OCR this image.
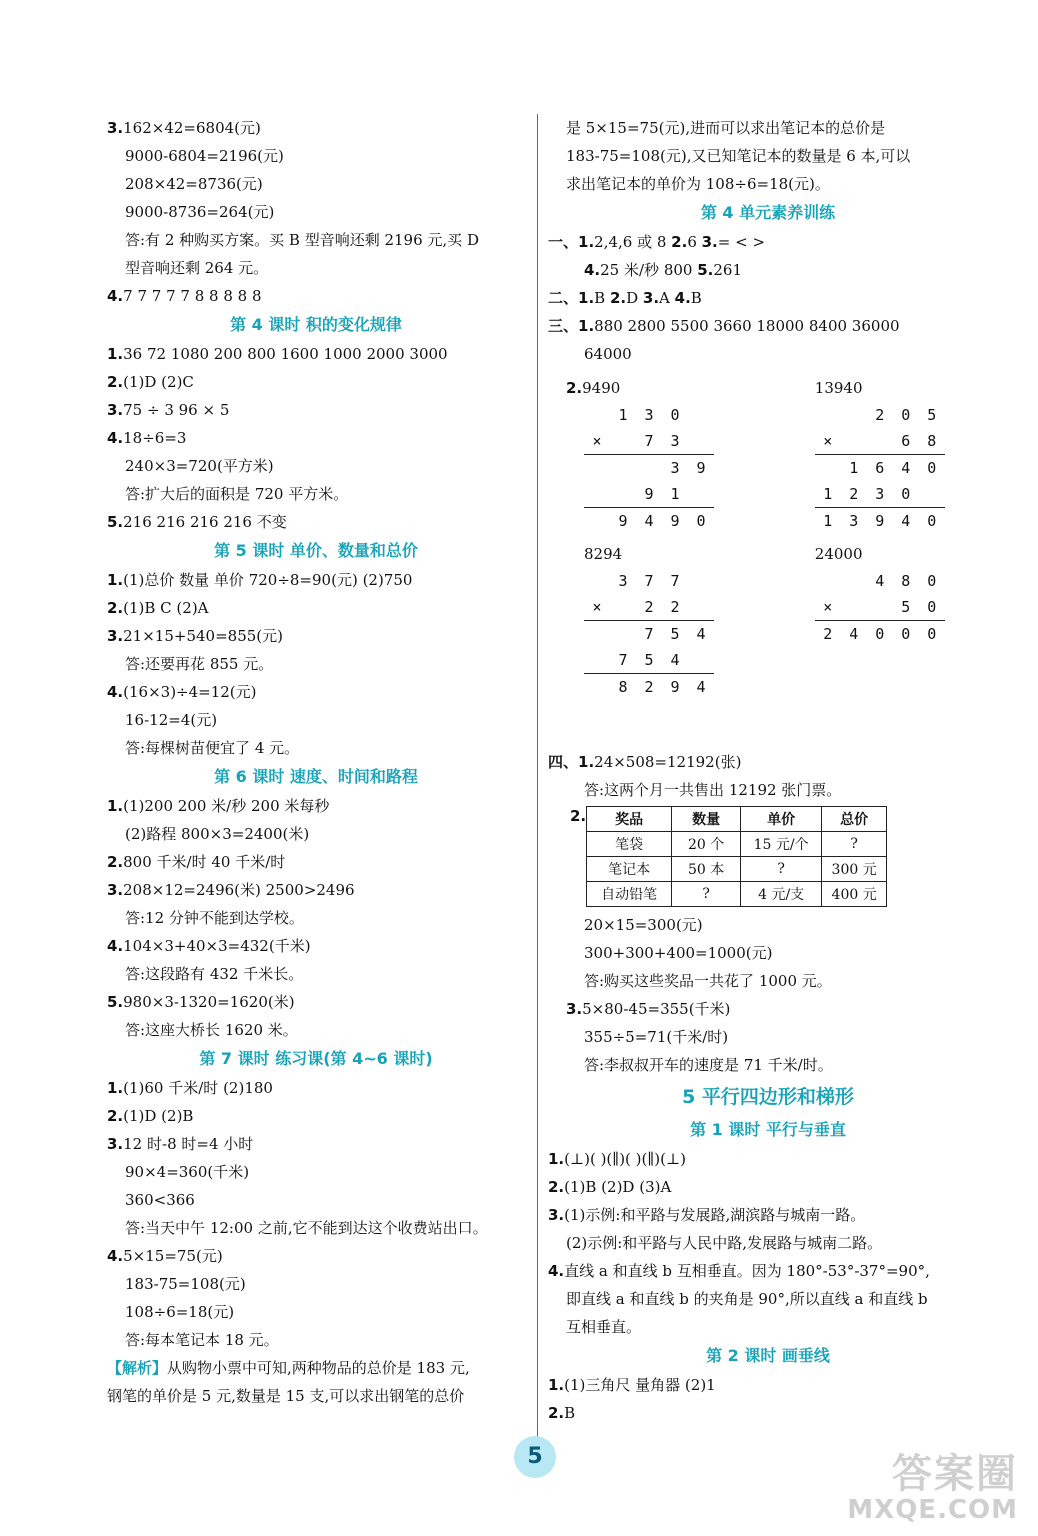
3.162×42=6804(元)
9000-6804=2196(元)
208×42=8736(元)
9000-8736=264(元)
答:有 2 种购买方案。买 B 型音响还剩 2196 元,买 D
型音响还剩 264 元。
4.7 7 7 7 7 8 8 8 8 8
第 4 课时 积的变化规律
1.36 72 1080 200 800 1600 1000 2000 3000
2.(1)D (2)C
3.75 ÷ 3 96 × 5
4.18÷6=3
240×3=720(平方米)
答:扩大后的面积是 720 平方米。
5.216 216 216 216 不变
第 5 课时 单价、数量和总价
1.(1)总价 数量 单价 720÷8=90(元) (2)750
2.(1)B C (2)A
3.21×15+540=855(元)
答:还要再花 855 元。
4.(16×3)÷4=12(元)
16-12=4(元)
答:每棵树苗便宜了 4 元。
第 6 课时 速度、时间和路程
1.(1)200 200 米/秒 200 米每秒
(2)路程 800×3=2400(米)
2.800 千米/时 40 千米/时
3.208×12=2496(米) 2500>2496
答:12 分钟不能到达学校。
4.104×3+40×3=432(千米)
答:这段路有 432 千米长。
5.980×3-1320=1620(米)
答:这座大桥长 1620 米。
第 7 课时 练习课(第 4~6 课时)
1.(1)60 千米/时 (2)180
2.(1)D (2)B
3.12 时-8 时=4 小时
90×4=360(千米)
360<366
答:当天中午 12:00 之前,它不能到达这个收费站出口。
4.5×15=75(元)
183-75=108(元)
108÷6=18(元)
答:每本笔记本 18 元。
【解析】从购物小票中可知,两种物品的总价是 183 元,
钢笔的单价是 5 元,数量是 15 支,可以求出钢笔的总价
是 5×15=75(元),进而可以求出笔记本的总价是
183-75=108(元),又已知笔记本的数量是 6 本,可以
求出笔记本的单价为 108÷6=18(元)。
第 4 单元素养训练
一、1.2,4,6 或 8 2.6 3.= < >
4.25 米/秒 800 5.261
二、1.B 2.D 3.A 4.B
三、1.880 2800 5500 3660 18000 8400 36000
64000
2.9490
	1	3	0	
×		7	3	
			3	9
		9	1	
	9	4	9	0

13940
		2	0	5
×			6	8
	1	6	4	0
1	2	3	0	
1	3	9	4	0
8294
	3	7	7	
×		2	2	
		7	5	4
	7	5	4	
	8	2	9	4

24000
		4	8	0
×			5	0
2	4	0	0	0
四、1.24×508=12192(张)
答:这两个月一共售出 12192 张门票。
2. 奖品	数量	单价	总价
笔袋	20 个	15 元/个	?
笔记本	50 本	?	300 元
自动铅笔	?	4 元/支	400 元
20×15=300(元)
300+300+400=1000(元)
答:购买这些奖品一共花了 1000 元。
3.5×80-45=355(千米)
355÷5=71(千米/时)
答:李叔叔开车的速度是 71 千米/时。
5 平行四边形和梯形
第 1 课时 平行与垂直
1.(⊥)( )(∥)( )(∥)(⊥)
2.(1)B (2)D (3)A
3.(1)示例:和平路与发展路,湖滨路与城南一路。
(2)示例:和平路与人民中路,发展路与城南二路。
4.直线 a 和直线 b 互相垂直。因为 180°-53°-37°=90°,
即直线 a 和直线 b 的夹角是 90°,所以直线 a 和直线 b
互相垂直。
第 2 课时 画垂线
1.(1)三角尺 量角器 (2)1
2.B
5	答案圈
MXQE.COM
